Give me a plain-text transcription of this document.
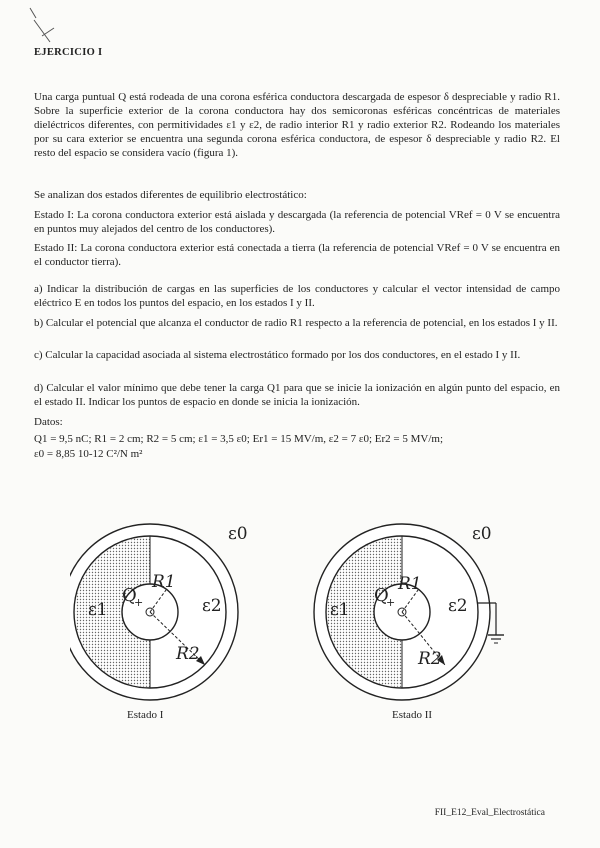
EJERCICIO I
Una carga puntual Q está rodeada de una corona esférica conductora descargada de espesor δ despreciable y radio R1. Sobre la superficie exterior de la corona conductora hay dos semicoronas esféricas concéntricas de materiales dieléctricos diferentes, con permitividades ε1 y ε2, de radio interior R1 y radio exterior R2. Rodeando los materiales por su cara exterior se encuentra una segunda corona esférica conductora, de espesor δ despreciable y radio R2. El resto del espacio se considera vacío (figura 1).
Se analizan dos estados diferentes de equilibrio electrostático:
Estado I: La corona conductora exterior está aislada y descargada (la referencia de potencial VRef = 0 V se encuentra en puntos muy alejados del centro de los conductores).
Estado II: La corona conductora exterior está conectada a tierra (la referencia de potencial VRef = 0 V se encuentra en el conductor tierra).
a) Indicar la distribución de cargas en las superficies de los conductores y calcular el vector intensidad de campo eléctrico E en todos los puntos del espacio, en los estados I y II.
b) Calcular el potencial que alcanza el conductor de radio R1 respecto a la referencia de potencial, en los estados I y II.
c) Calcular la capacidad asociada al sistema electrostático formado por los dos conductores, en el estado I y II.
d) Calcular el valor mínimo que debe tener la carga Q1 para que se inicie la ionización en algún punto del espacio, en el estado II. Indicar los puntos de espacio en donde se inicia la ionización.
Datos:
Q1 = 9,5 nC; R1 = 2 cm; R2 = 5 cm; ε1 = 3,5 ε0; Er1 = 15 MV/m, ε2 = 7 ε0; Er2 = 5 MV/m;
ε0 = 8,85 10-12 C²/N m²
Q
+
R1
R2
ε1	ε2
ε0
Q
+
R1
R2
ε1	ε2
ε0
Estado I	Estado II
FII_E12_Eval_Electrostática
